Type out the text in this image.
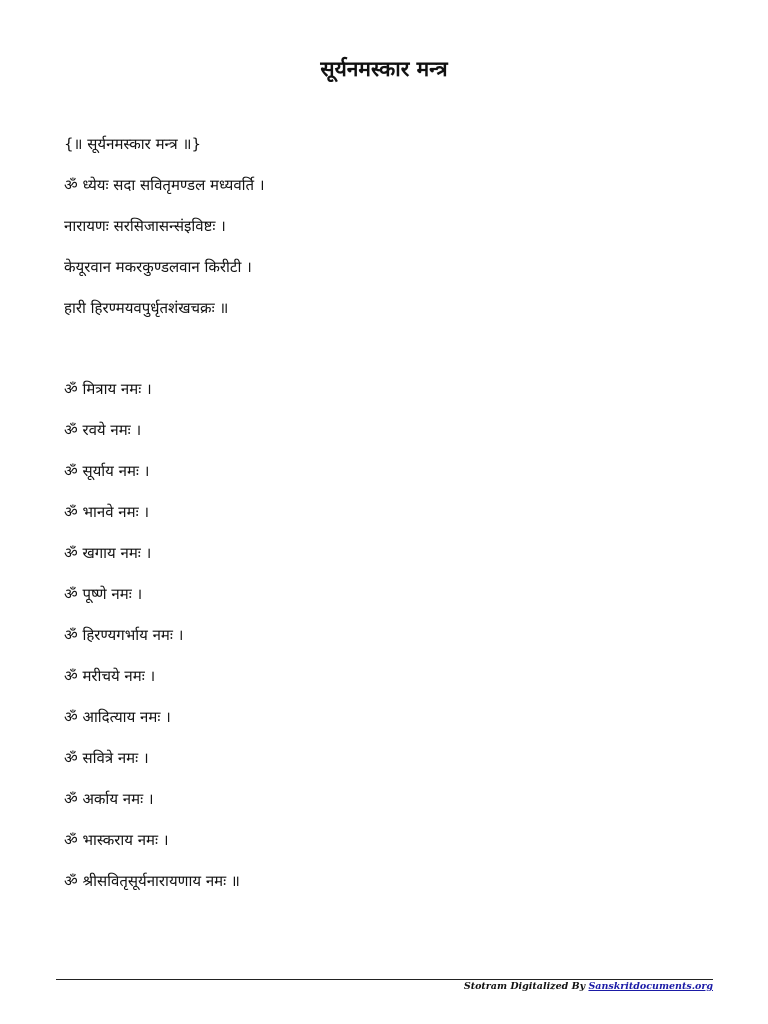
सूर्यनमस्कार मन्त्र

{॥ सूर्यनमस्कार मन्त्र ॥}

ॐ ध्येयः सदा सवितृमण्डल मध्यवर्ति ।

नारायणः सरसिजासन्संइविष्टः ।

केयूरवान मकरकुण्डलवान किरीटी ।

हारी हिरण्मयवपुर्धृतशंखचक्रः ॥

ॐ मित्राय नमः ।

ॐ रवये नमः ।

ॐ सूर्याय नमः ।

ॐ भानवे नमः ।

ॐ खगाय नमः ।

ॐ पूष्णे नमः ।

ॐ हिरण्यगर्भाय नमः ।

ॐ मरीचये नमः ।

ॐ आदित्याय नमः ।

ॐ सवित्रे नमः ।

ॐ अर्काय नमः ।

ॐ भास्कराय नमः ।

ॐ श्रीसवितृसूर्यनारायणाय नमः ॥

Stotram Digitalized By Sanskritdocuments.org
